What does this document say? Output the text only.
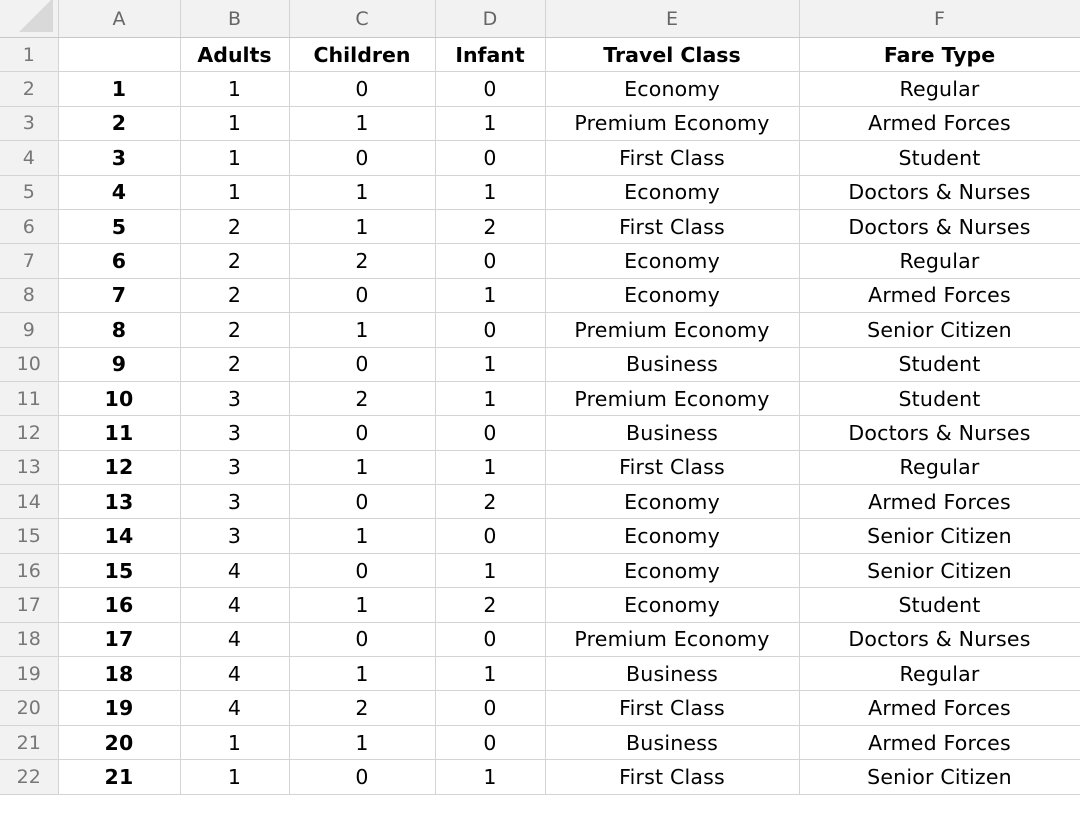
	A	B	C	D	E	F
1		Adults	Children	Infant	Travel Class	Fare Type
2	1	1	0	0	Economy	Regular
3	2	1	1	1	Premium Economy	Armed Forces
4	3	1	0	0	First Class	Student
5	4	1	1	1	Economy	Doctors & Nurses
6	5	2	1	2	First Class	Doctors & Nurses
7	6	2	2	0	Economy	Regular
8	7	2	0	1	Economy	Armed Forces
9	8	2	1	0	Premium Economy	Senior Citizen
10	9	2	0	1	Business	Student
11	10	3	2	1	Premium Economy	Student
12	11	3	0	0	Business	Doctors & Nurses
13	12	3	1	1	First Class	Regular
14	13	3	0	2	Economy	Armed Forces
15	14	3	1	0	Economy	Senior Citizen
16	15	4	0	1	Economy	Senior Citizen
17	16	4	1	2	Economy	Student
18	17	4	0	0	Premium Economy	Doctors & Nurses
19	18	4	1	1	Business	Regular
20	19	4	2	0	First Class	Armed Forces
21	20	1	1	0	Business	Armed Forces
22	21	1	0	1	First Class	Senior Citizen
